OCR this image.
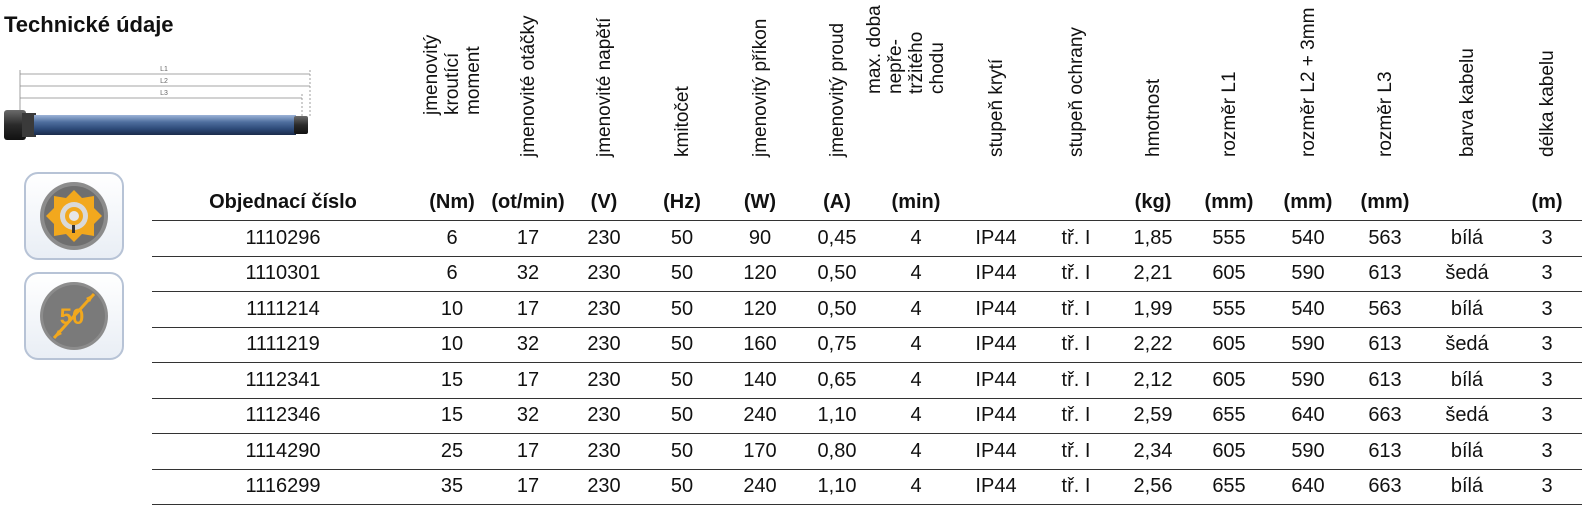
Technické údaje
L1
L2
L3
50

	jmenovitý kroutící
moment	jmenovité otáčky	jmenovité napětí	kmitočet	jmenovitý příkon	jmenovitý proud	max. doba nepře-
tržitého chodu	stupeň krytí	stupeň ochrany	hmotnost	rozměr L1	rozměr L2 + 3mm	rozměr L3	barva kabelu	délka kabelu

Objednací číslo	(Nm)	(ot/min)	(V)	(Hz)	(W)	(A)	(min)			(kg)	(mm)	(mm)	(mm)		(m)
1110296	6	17	230	50	90	0,45	4	IP44	tř. I	1,85	555	540	563	bílá	3
1110301	6	32	230	50	120	0,50	4	IP44	tř. I	2,21	605	590	613	šedá	3
1111214	10	17	230	50	120	0,50	4	IP44	tř. I	1,99	555	540	563	bílá	3
1111219	10	32	230	50	160	0,75	4	IP44	tř. I	2,22	605	590	613	šedá	3
1112341	15	17	230	50	140	0,65	4	IP44	tř. I	2,12	605	590	613	bílá	3
1112346	15	32	230	50	240	1,10	4	IP44	tř. I	2,59	655	640	663	šedá	3
1114290	25	17	230	50	170	0,80	4	IP44	tř. I	2,34	605	590	613	bílá	3
1116299	35	17	230	50	240	1,10	4	IP44	tř. I	2,56	655	640	663	bílá	3
